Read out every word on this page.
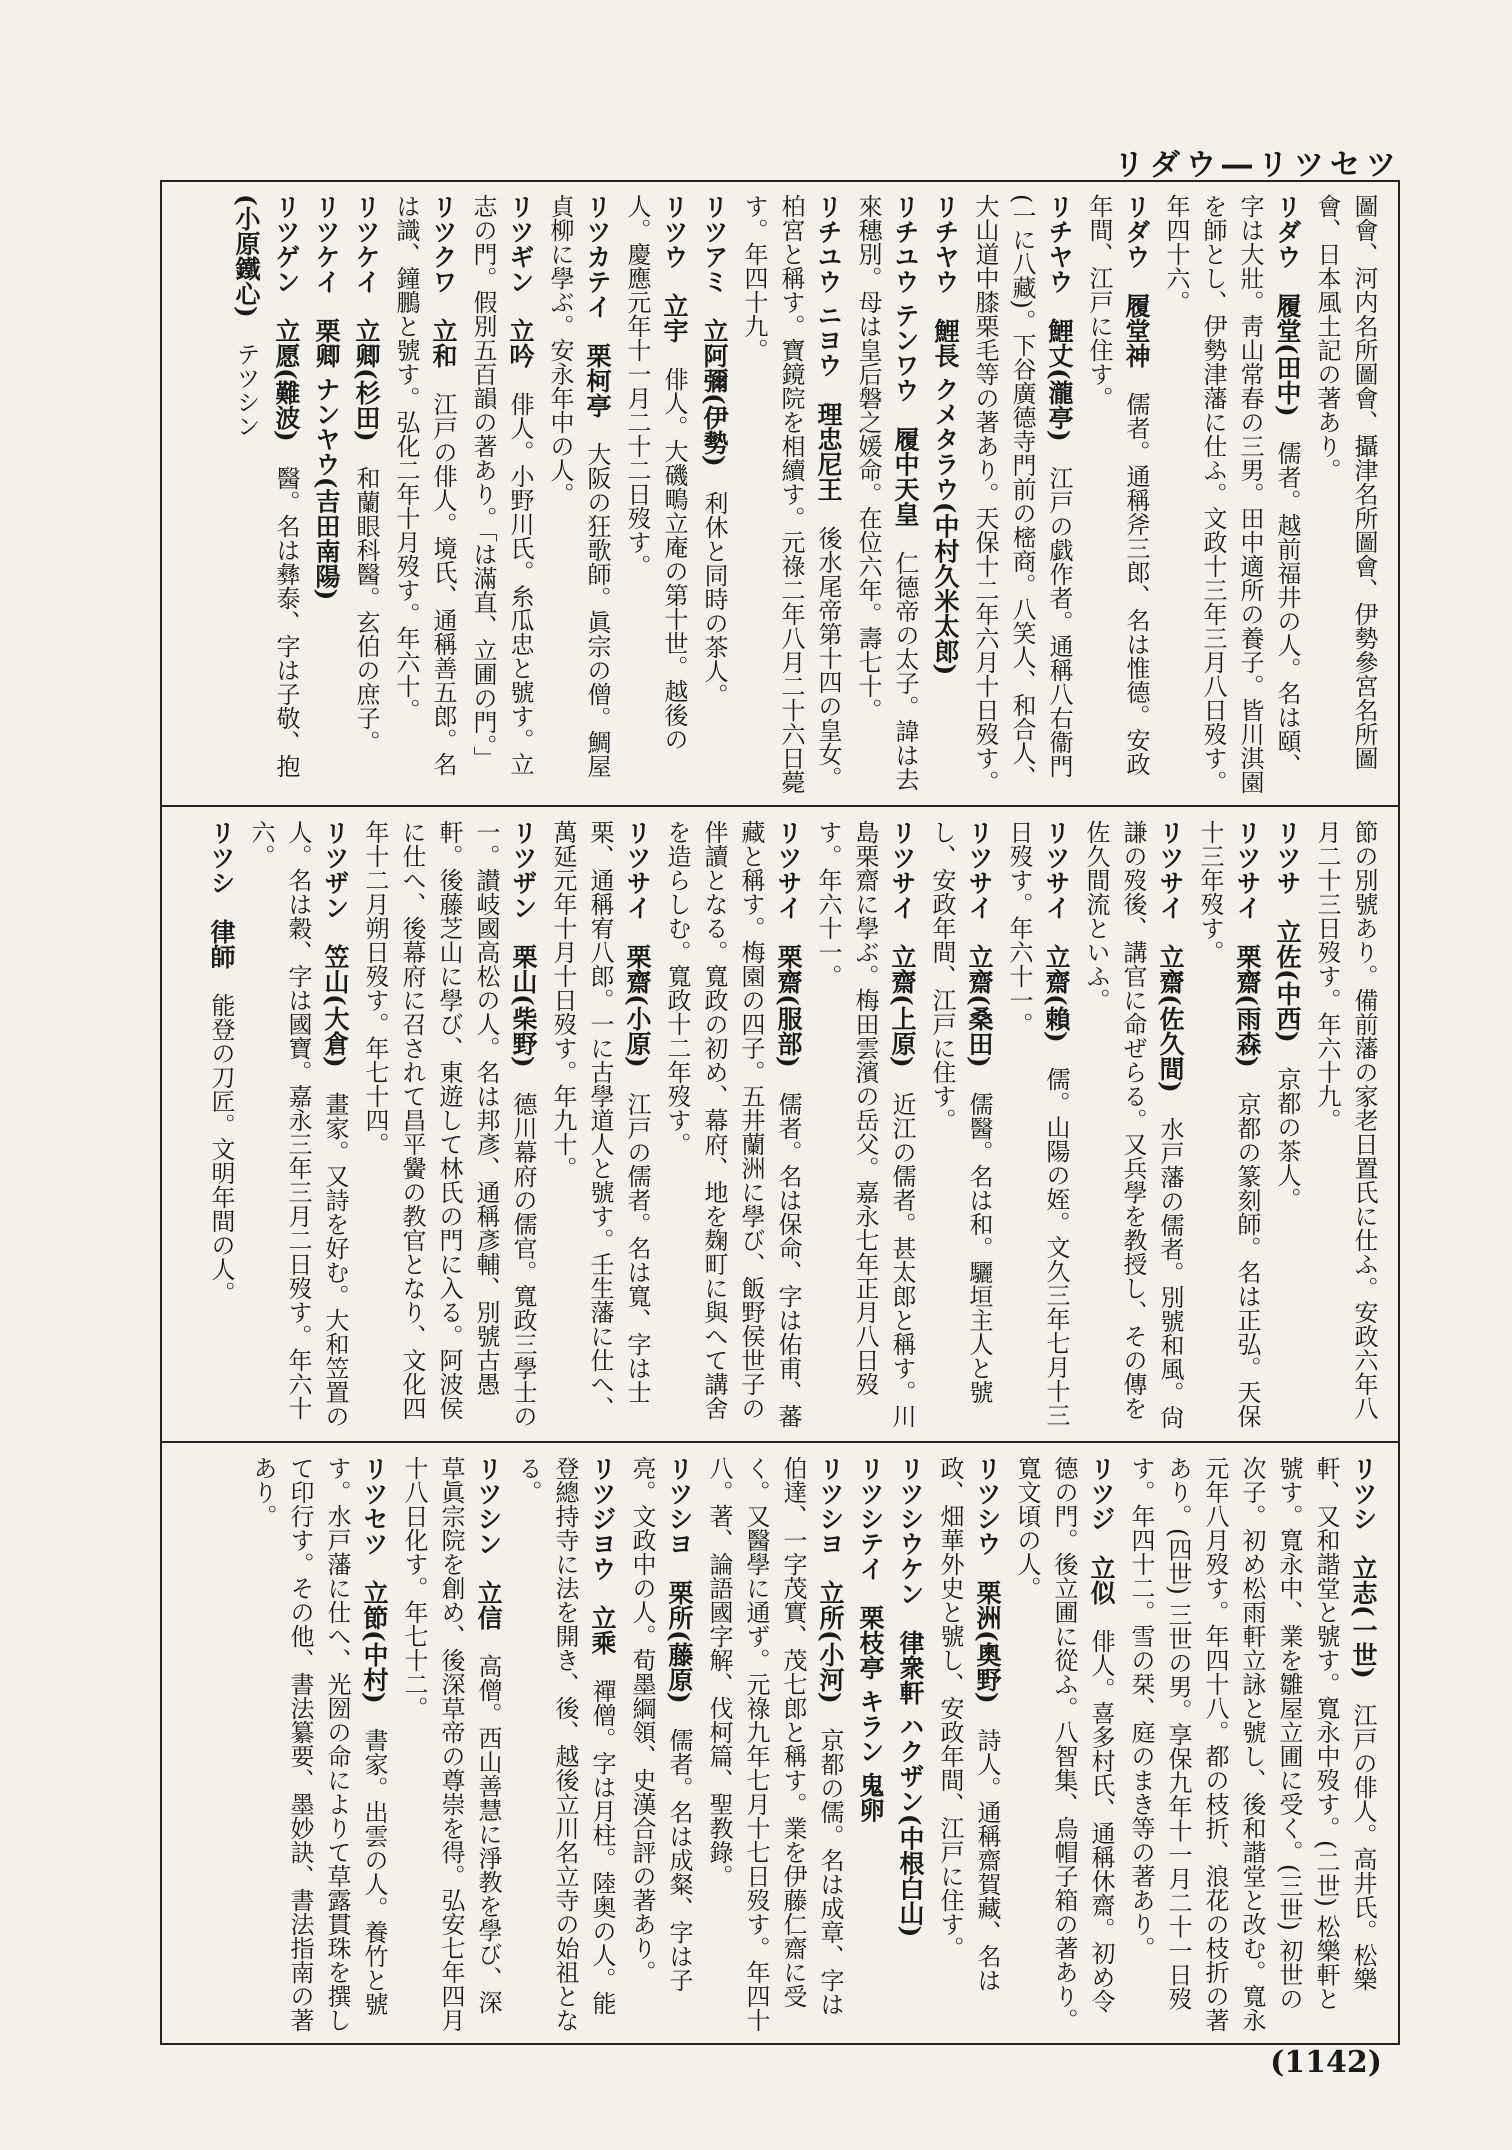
リダウ―リツセツ
圖會、河内名所圖會、攝津名所圖會、伊勢參宮名所圖會、日本風土記の著あり。
リダウ　履堂(田中)　儒者。越前福井の人。名は頤、字は大壯。靑山常春の三男。田中適所の養子。皆川淇園を師とし、伊勢津藩に仕ふ。文政十三年三月八日歿す。年四十六。
リダウ　履堂神　儒者。通稱斧三郎、名は惟德。安政年間、江戸に住す。
リチヤウ　鯉丈(瀧亭)　江戸の戯作者。通稱八右衞門(一に八藏)。下谷廣德寺門前の樒商。八笑人、和合人、大山道中膝栗毛等の著あり。天保十二年六月十日歿す。
リチヤウ　鯉長 クメタラウ(中村久米太郎)　
リチユウ テンワウ　履中天皇　仁德帝の太子。諱は去來穗別。母は皇后磐之媛命。在位六年。壽七十。
リチユウ ニヨウ　理忠尼王　後水尾帝第十四の皇女。柏宮と稱す。寶鏡院を相續す。元祿二年八月二十六日薨す。年四十九。
リツアミ　立阿彌(伊勢)　利休と同時の茶人。
リツウ　立宇　俳人。大磯鴫立庵の第十世。越後の人。慶應元年十一月二十二日歿す。
リツカテイ　栗柯亭　大阪の狂歌師。眞宗の僧。鯛屋貞柳に學ぶ。安永年中の人。
リツギン　立吟　俳人。小野川氏。糸瓜忠と號す。立志の門。假別五百韻の著あり。「は滿直、立圃の門。」
リツクワ　立和　江戸の俳人。境氏、通稱善五郎。名は識、鐘鵬と號す。弘化二年十月歿す。年六十。
リツケイ　立卿(杉田)　和蘭眼科醫。玄伯の庶子。
リツケイ　栗卿 ナンヤウ(吉田南陽)　
リツゲン　立愿(難波)　醫。名は彝泰、字は子敬、抱
(小原鐵心)　テツシン
節の別號あり。備前藩の家老日置氏に仕ふ。安政六年八月二十三日歿す。年六十九。
リツサ　立佐(中西)　京都の茶人。
リツサイ　栗齋(雨森)　京都の篆刻師。名は正弘。天保十三年歿す。
リツサイ　立齋(佐久間)　水戸藩の儒者。別號和風。尙謙の歿後、講官に命ぜらる。又兵學を教授し、その傳を佐久間流といふ。
リツサイ　立齋(賴)　儒。山陽の姪。文久三年七月十三日歿す。年六十一。
リツサイ　立齋(桑田)　儒醫。名は和。驪垣主人と號し、安政年間、江戸に住す。
リツサイ　立齋(上原)　近江の儒者。甚太郎と稱す。川島栗齋に學ぶ。梅田雲濱の岳父。嘉永七年正月八日歿す。年六十一。
リツサイ　栗齋(服部)　儒者。名は保命、字は佑甫、蕃藏と稱す。梅園の四子。五井蘭洲に學び、飯野侯世子の伴讀となる。寬政の初め、幕府、地を麹町に與へて講舍を造らしむ。寬政十二年歿す。
リツサイ　栗齋(小原)　江戸の儒者。名は寬、字は士栗、通稱宥八郎。一に古學道人と號す。壬生藩に仕へ、萬延元年十月十日歿す。年九十。
リツザン　栗山(柴野)　德川幕府の儒官。寬政三學士の一。讃岐國高松の人。名は邦彥、通稱彥輔、別號古愚軒。後藤芝山に學び、東遊して林氏の門に入る。阿波侯に仕へ、後幕府に召されて昌平黌の教官となり、文化四年十二月朔日歿す。年七十四。
リツザン　笠山(大倉)　畫家。又詩を好む。大和笠置の人。名は穀、字は國寶。嘉永三年三月二日歿す。年六十六。
リツシ　律師　能登の刀匠。文明年間の人。
リツシ　立志(一世)　江戸の俳人。高井氏。松樂軒、又和諧堂と號す。寬永中歿す。(二世) 松樂軒と號す。寬永中、業を雛屋立圃に受く。(三世) 初世の次子。初め松雨軒立詠と號し、後和諧堂と改む。寬永元年八月歿す。年四十八。都の枝折、浪花の枝折の著あり。(四世) 三世の男。享保九年十一月二十一日歿す。年四十二。雪の栞、庭のまき等の著あり。
リツジ　立似　俳人。喜多村氏、通稱休齋。初め令德の門。後立圃に從ふ。八智集、烏帽子箱の著あり。寬文頃の人。
リツシウ　栗洲(奧野)　詩人。通稱齋賀藏、名は政、畑華外史と號し、安政年間、江戸に住す。
リツシウケン　律衆軒 ハクザン(中根白山)　
リツシテイ　栗枝亭 キラン 鬼卵　
リツシヨ　立所(小河)　京都の儒。名は成章、字は伯達、一字茂實、茂七郎と稱す。業を伊藤仁齋に受く。又醫學に通ず。元祿九年七月十七日歿す。年四十八。著、論語國字解、伐柯篇、聖教錄。
リツシヨ　栗所(藤原)　儒者。名は成粲、字は子亮。文政中の人。荀墨綱領、史漢合評の著あり。
リツジヨウ　立乘　禪僧。字は月柱。陸奥の人。能登總持寺に法を開き、後、越後立川名立寺の始祖となる。
リツシン　立信　高僧。西山善慧に淨教を學び、深草眞宗院を創め、後深草帝の尊崇を得。弘安七年四月十八日化す。年七十二。
リツセツ　立節(中村)　書家。出雲の人。養竹と號す。水戸藩に仕へ、光圀の命によりて草露貫珠を撰して印行す。その他、書法纂要、墨妙訣、書法指南の著あり。
(1142)
